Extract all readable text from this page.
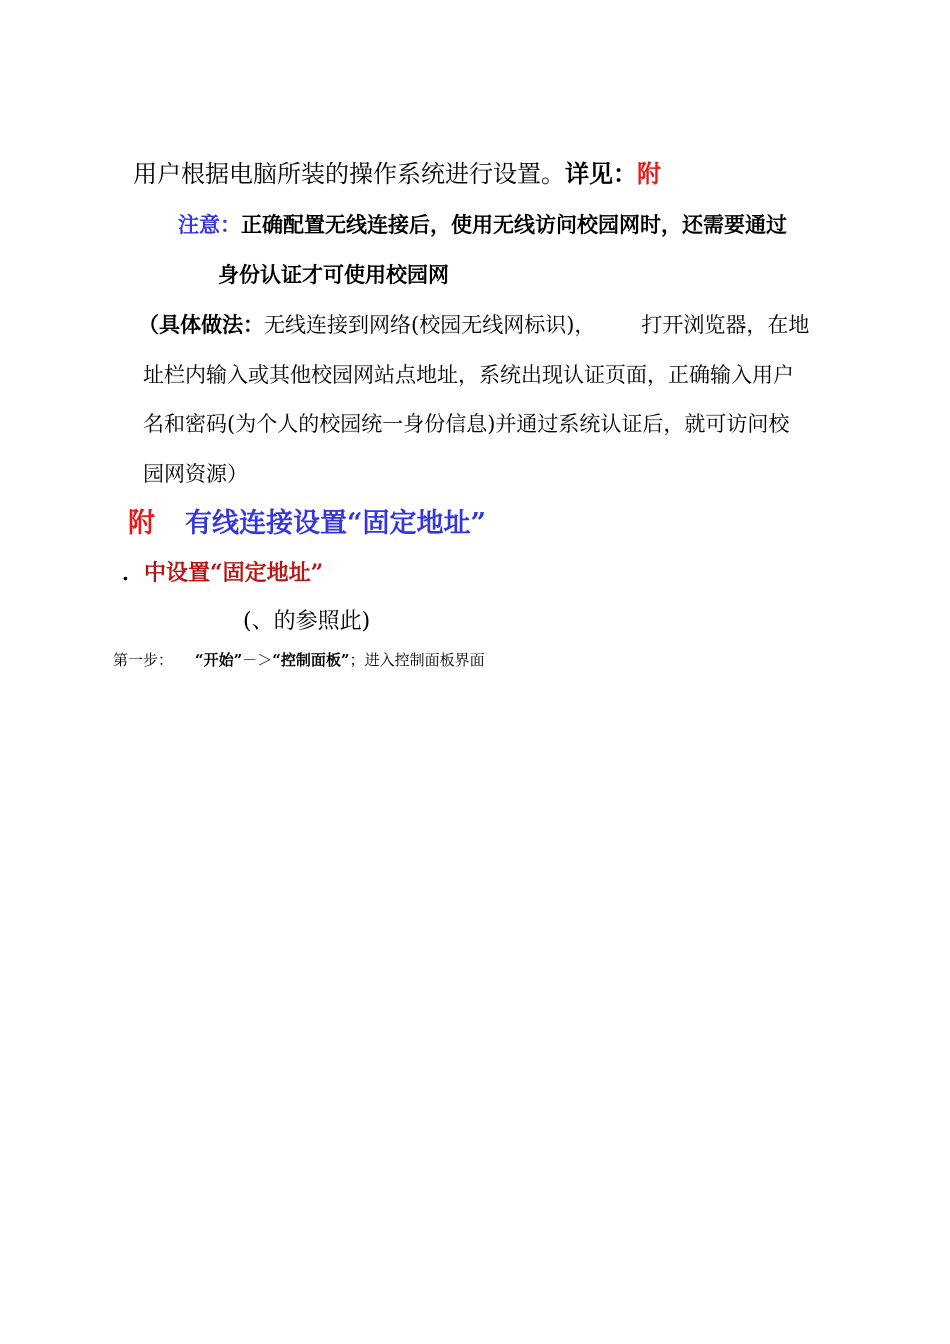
用户根据电脑所装的操作系统进行设置。详见：附
注意：正确配置无线连接后，使用无线访问校园网时，还需要通过
身份认证才可使用校园网
（具体做法：无线连接到网络(校园无线网标识)， 打开浏览器，在地
址栏内输入或其他校园网站点地址，系统出现认证页面，正确输入用户
名和密码(为个人的校园统一身份信息)并通过系统认证后，就可访问校
园网资源）
附 有线连接设置“固定地址”
．中设置“固定地址”
(、的参照此)
第一步： “开始”－＞“控制面板”；进入控制面板界面
